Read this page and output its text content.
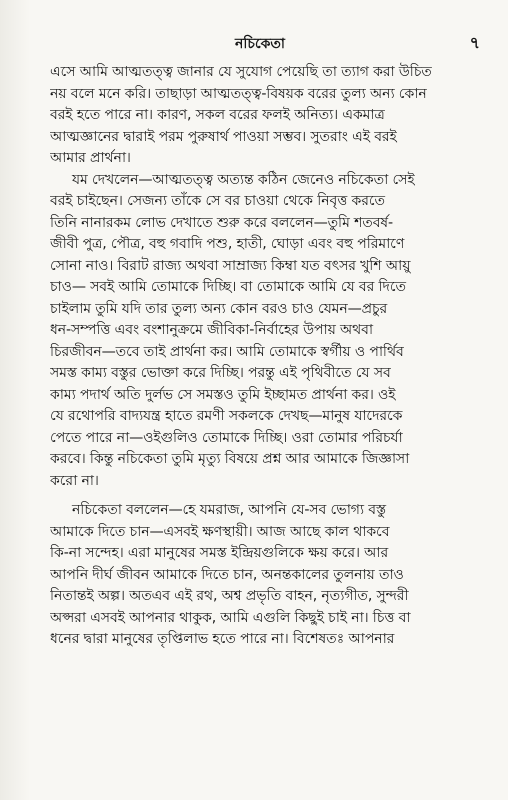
নচিকেতা	৭
এসে আমি আত্মতত্ত্ব জানার যে সুযোগ পেয়েছি তা ত্যাগ করা উচিত
নয় বলে মনে করি। তাছাড়া আত্মতত্ত্ব-বিষয়ক বরের তুল্য অন্য কোন
বরই হতে পারে না। কারণ, সকল বরের ফলই অনিত্য। একমাত্র
আত্মজ্ঞানের দ্বারাই পরম পুরুষার্থ পাওয়া সম্ভব। সুতরাং এই বরই
আমার প্রার্থনা।
যম দেখলেন—আত্মতত্ত্ব অত্যন্ত কঠিন জেনেও নচিকেতা সেই
বরই চাইছেন। সেজন্য তাঁকে সে বর চাওয়া থেকে নিবৃত্ত করতে
তিনি নানারকম লোভ দেখাতে শুরু করে বললেন—তুমি শতবর্ষ-
জীবী পুত্র, পৌত্র, বহু গবাদি পশু, হাতী, ঘোড়া এবং বহু পরিমাণে
সোনা নাও। বিরাট রাজ্য অথবা সাম্রাজ্য কিম্বা যত বৎসর খুশি আয়ু
চাও— সবই আমি তোমাকে দিচ্ছি। বা তোমাকে আমি যে বর দিতে
চাইলাম তুমি যদি তার তুল্য অন্য কোন বরও চাও যেমন—প্রচুর
ধন-সম্পত্তি এবং বংশানুক্রমে জীবিকা-নির্বাহের উপায় অথবা
চিরজীবন—তবে তাই প্রার্থনা কর। আমি তোমাকে স্বর্গীয় ও পার্থিব
সমস্ত কাম্য বস্তুর ভোক্তা করে দিচ্ছি। পরন্তু এই পৃথিবীতে যে সব
কাম্য পদার্থ অতি দুর্লভ সে সমস্তও তুমি ইচ্ছামত প্রার্থনা কর। ওই
যে রথোপরি বাদ্যযন্ত্র হাতে রমণী সকলকে দেখছ—মানুষ যাদেরকে
পেতে পারে না—ওইগুলিও তোমাকে দিচ্ছি। ওরা তোমার পরিচর্যা
করবে। কিন্তু নচিকেতা তুমি মৃত্যু বিষয়ে প্রশ্ন আর আমাকে জিজ্ঞাসা
করো না।
নচিকেতা বললেন—হে যমরাজ, আপনি যে-সব ভোগ্য বস্তু
আমাকে দিতে চান—এসবই ক্ষণস্থায়ী। আজ আছে কাল থাকবে
কি-না সন্দেহ। এরা মানুষের সমস্ত ইন্দ্রিয়গুলিকে ক্ষয় করে। আর
আপনি দীর্ঘ জীবন আমাকে দিতে চান, অনন্তকালের তুলনায় তাও
নিতান্তই অল্প। অতএব এই রথ, অশ্ব প্রভৃতি বাহন, নৃত্যগীত, সুন্দরী
অপ্সরা এসবই আপনার থাকুক, আমি এগুলি কিছুই চাই না। চিত্ত বা
ধনের দ্বারা মানুষের তৃপ্তিলাভ হতে পারে না। বিশেষতঃ আপনার
